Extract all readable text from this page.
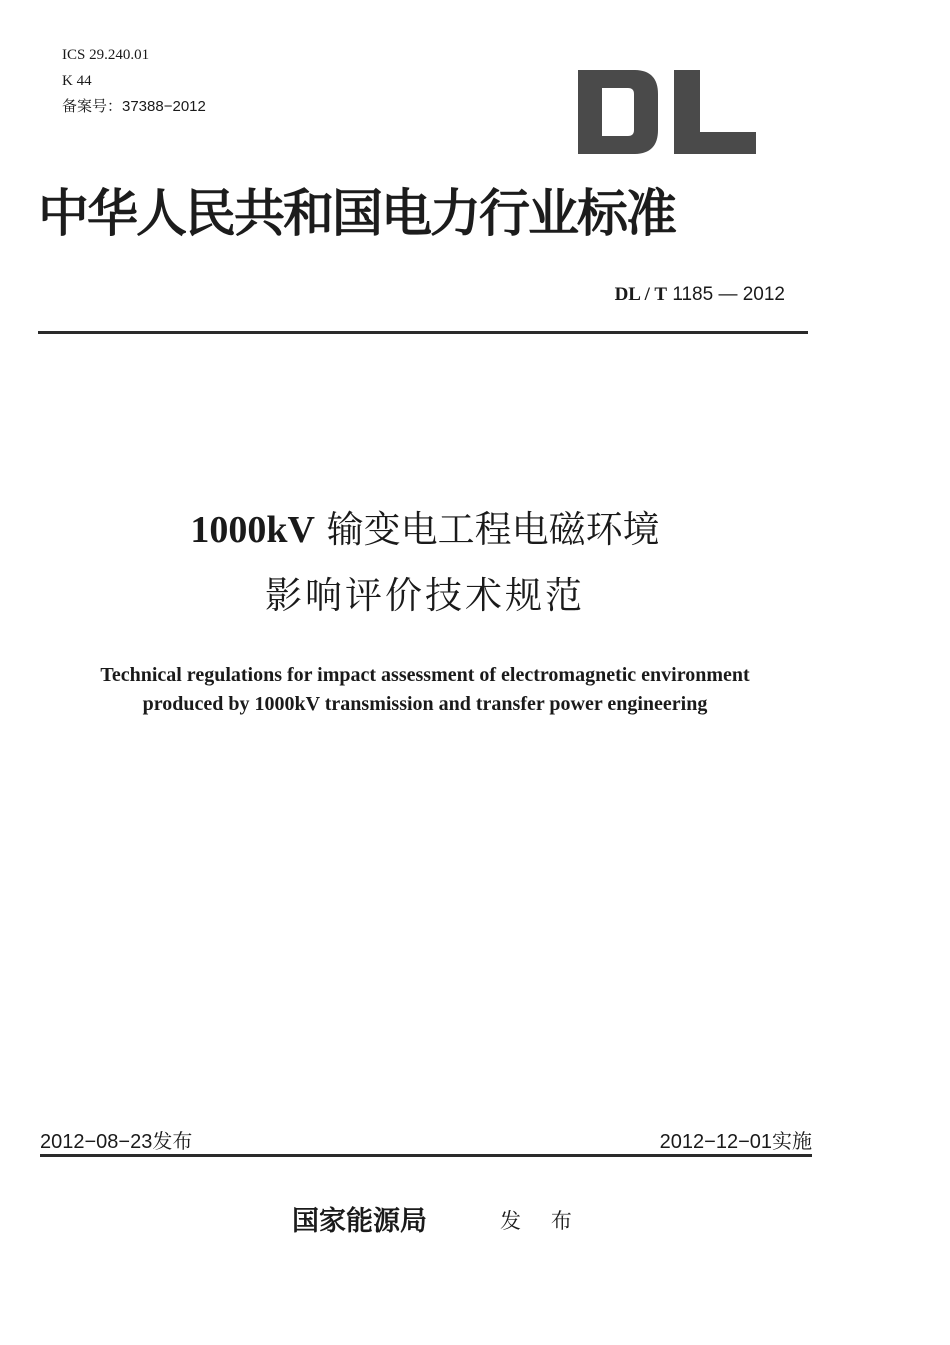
ICS 29.240.01
K 44
备案号：37388−2012
中华人民共和国电力行业标准
DL / T 1185 — 2012
1000kV 输变电工程电磁环境
影响评价技术规范
Technical regulations for impact assessment of electromagnetic environment
produced by 1000kV transmission and transfer power engineering
2012−08−23发布	2012−12−01实施
国家能源局	发 布
